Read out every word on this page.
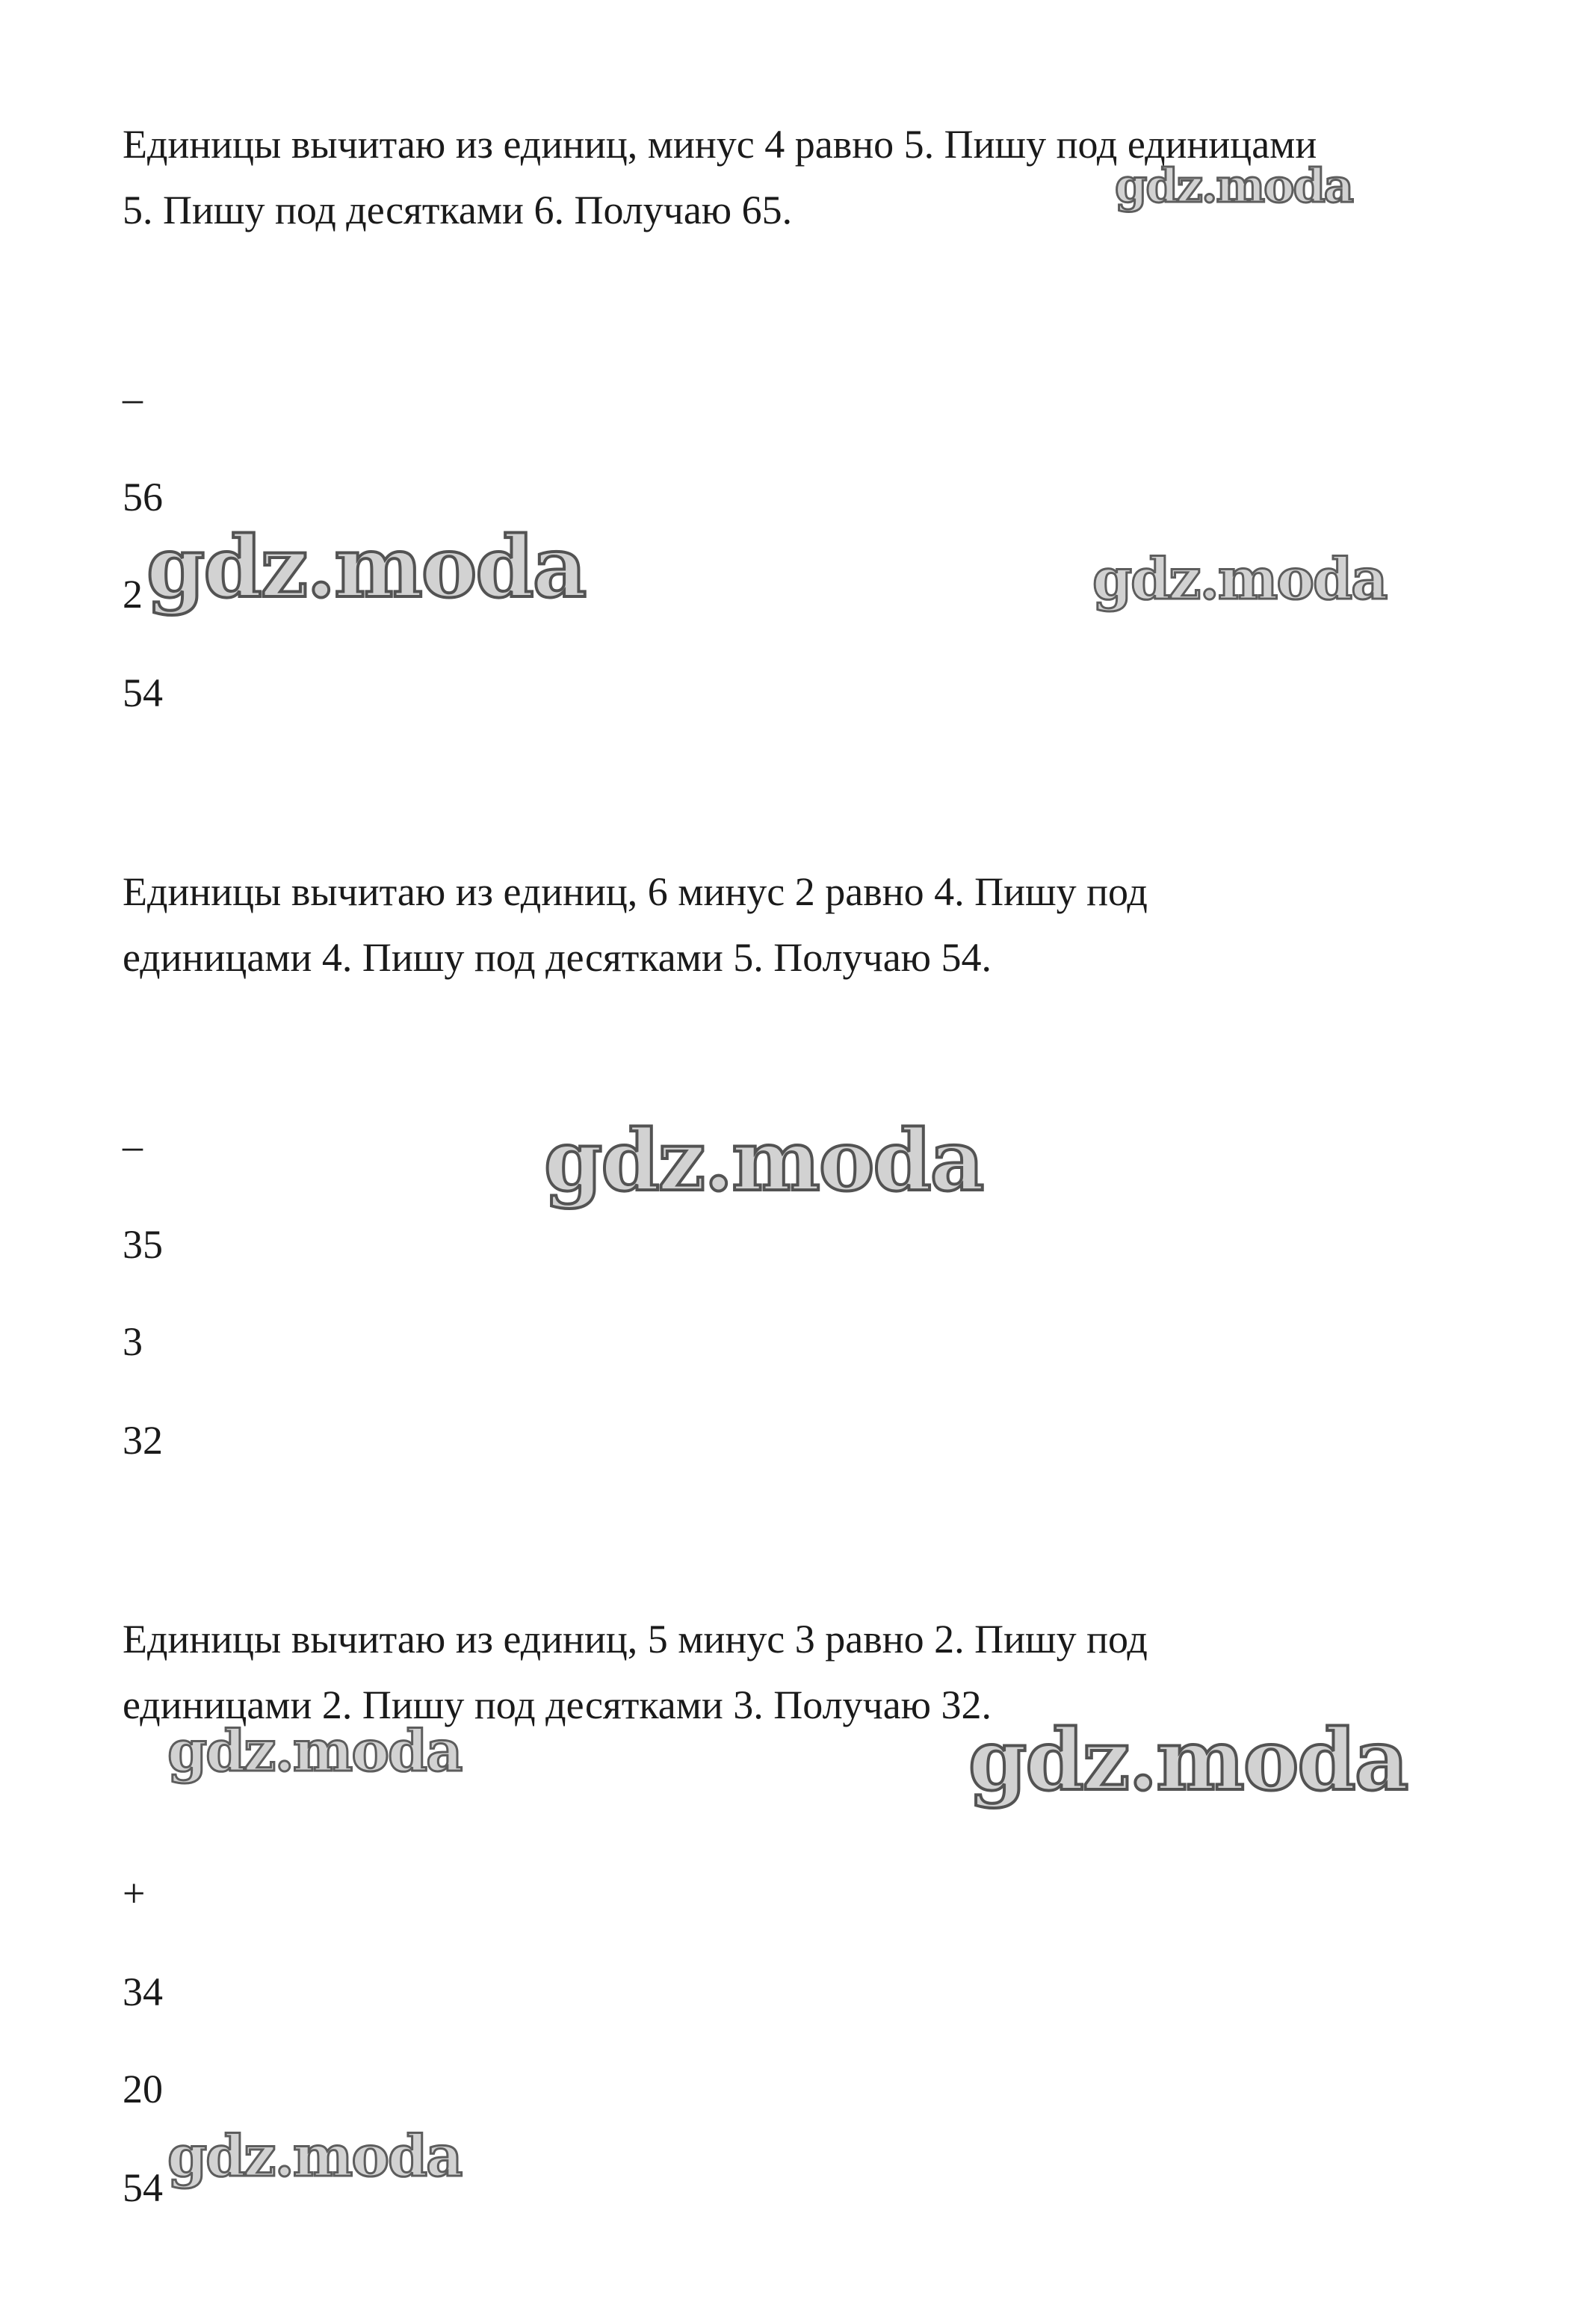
Единицы вычитаю из единиц, минус 4 равно 5. Пишу под единицами

5. Пишу под десятками 6. Получаю 65.

–

56

2

54

Единицы вычитаю из единиц, 6 минус 2 равно 4. Пишу под

единицами 4. Пишу под десятками 5. Получаю 54.

–

35

3

32

Единицы вычитаю из единиц, 5 минус 3 равно 2. Пишу под

единицами 2. Пишу под десятками 3. Получаю 32.

+

34

20

54

gdz.moda
gdz.moda	gdz.moda
gdz.moda
gdz.moda	gdz.moda
gdz.moda
